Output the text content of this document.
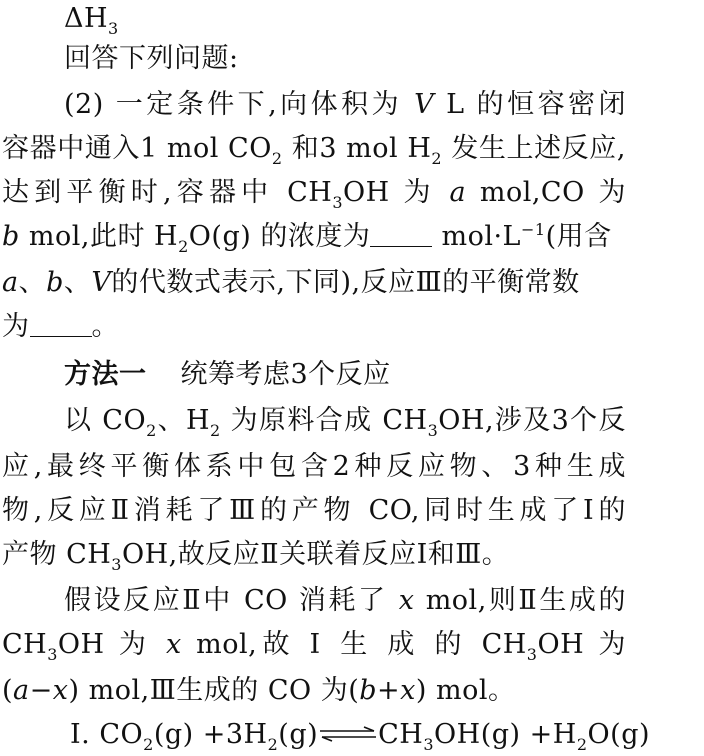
$\Delta H_3$
回答下列问题:
(2) 一定条件下,向体积为 V L 的恒容密闭
容器中通入1 mol $CO_2$ 和3 mol $H_2$ 发生上述反应,
达到平衡时,容器中 $CH_3OH$ 为 a mol,CO 为
b mol,此时 $H_2O(g)$ 的浓度为	$mol\cdot L^{-1}$(用含
a、b、V的代数式表示,下同),反应Ⅲ的平衡常数
为 。
方法一 统筹考虑3个反应
以 $CO_2$、$H_2$ 为原料合成 $CH_3OH$,涉及3个反
应,最终平衡体系中包含2种反应物、3种生成
物,反应Ⅱ消耗了Ⅲ的产物 CO,同时生成了Ⅰ的
产物 $CH_3OH$,故反应Ⅱ关联着反应Ⅰ和Ⅲ。
假设反应Ⅱ中 CO 消耗了 x mol,则Ⅱ生成的
$CH_3OH$ 为 x mol,故 Ⅰ 生 成 的 $CH_3OH$ 为
(a−x) mol,Ⅲ生成的 CO 为(b+x) mol。
Ⅰ. $CO_2(g)$ $+3H_2(g)\rightleftharpoons CH_3OH(g) +H_2O(g)$
